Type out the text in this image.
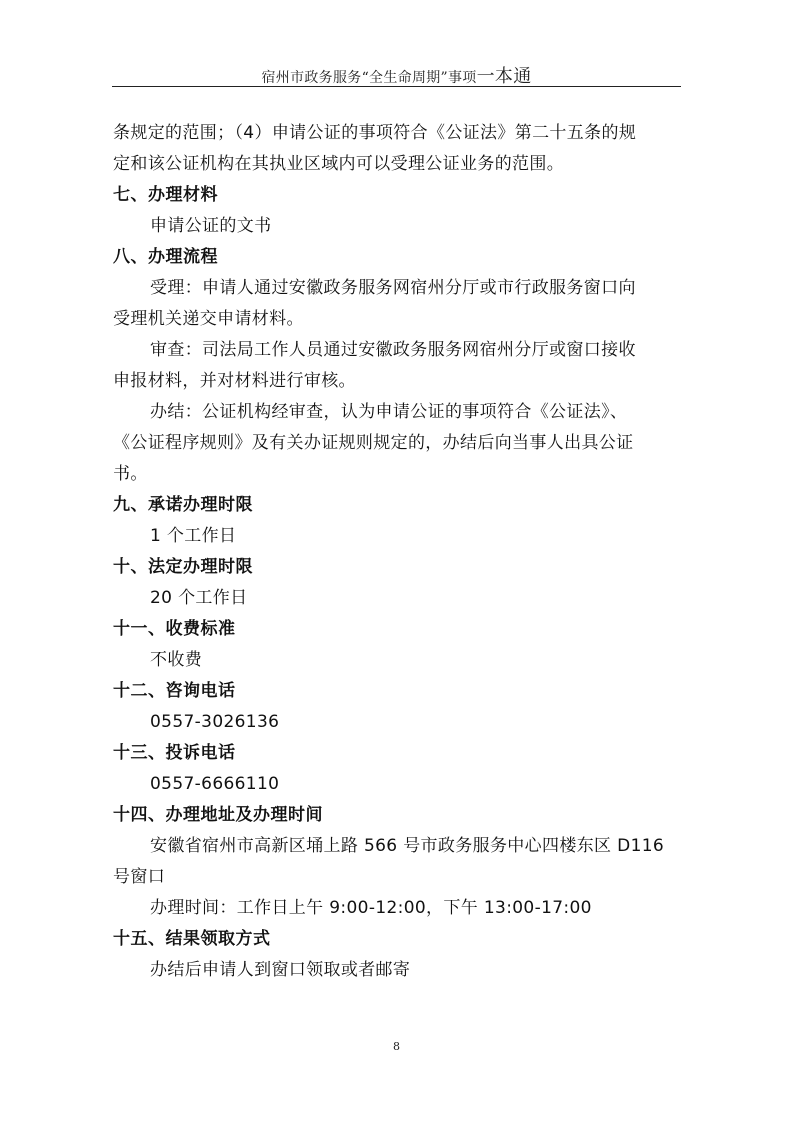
宿州市政务服务“全生命周期”事项一本通
条规定的范围；（4）申请公证的事项符合《公证法》第二十五条的规
定和该公证机构在其执业区域内可以受理公证业务的范围。
七、办理材料
申请公证的文书
八、办理流程
受理：申请人通过安徽政务服务网宿州分厅或市行政服务窗口向
受理机关递交申请材料。
审查：司法局工作人员通过安徽政务服务网宿州分厅或窗口接收
申报材料，并对材料进行审核。
办结：公证机构经审查，认为申请公证的事项符合《公证法》、
《公证程序规则》及有关办证规则规定的，办结后向当事人出具公证
书。
九、承诺办理时限
1 个工作日
十、法定办理时限
20 个工作日
十一、收费标准
不收费
十二、咨询电话
0557-3026136
十三、投诉电话
0557-6666110
十四、办理地址及办理时间
安徽省宿州市高新区埇上路 566 号市政务服务中心四楼东区 D116
号窗口
办理时间：工作日上午 9:00-12:00，下午 13:00-17:00
十五、结果领取方式
办结后申请人到窗口领取或者邮寄
8
